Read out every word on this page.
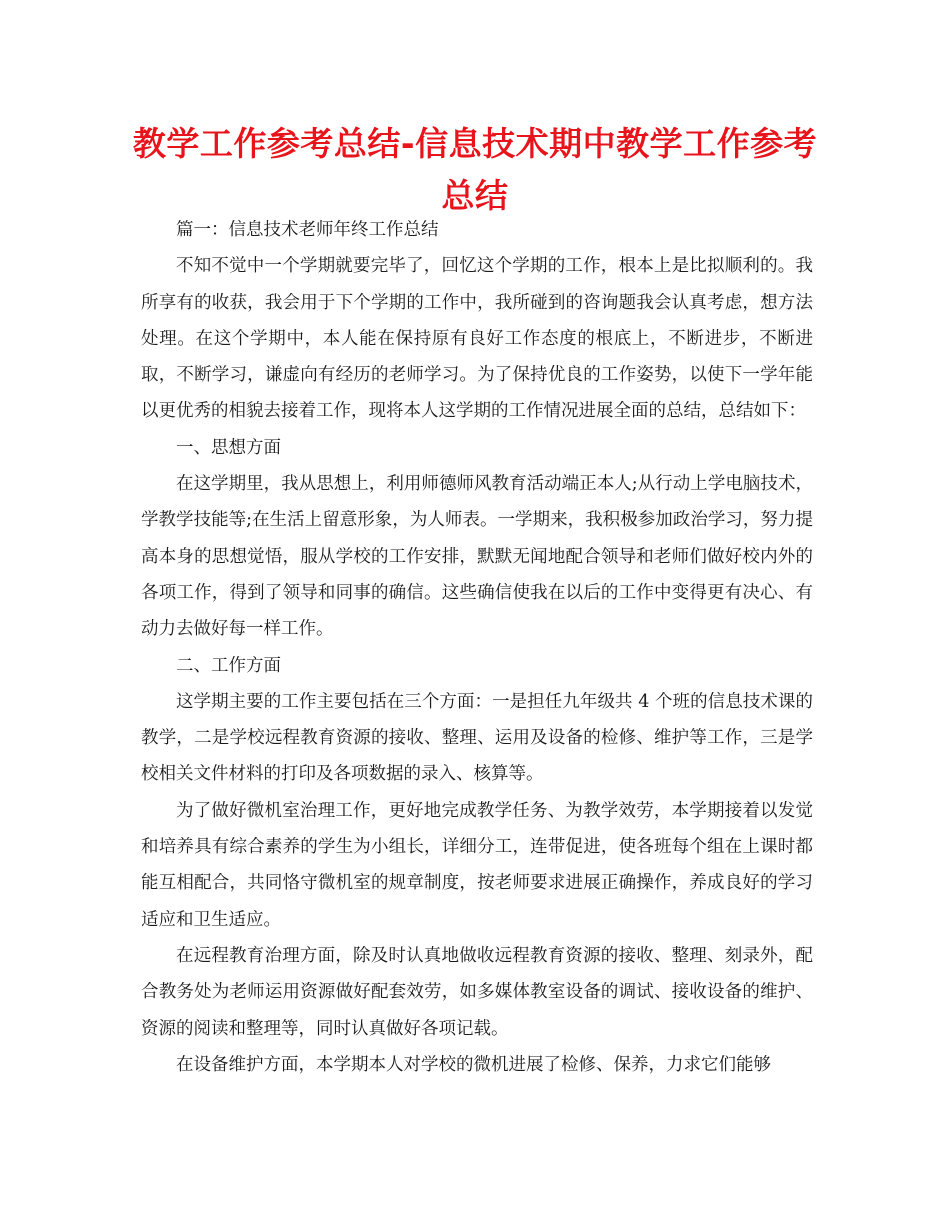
教学工作参考总结-信息技术期中教学工作参考总结

篇一：信息技术老师年终工作总结

不知不觉中一个学期就要完毕了，回忆这个学期的工作，根本上是比拟顺利的。我所享有的收获，我会用于下个学期的工作中，我所碰到的咨询题我会认真考虑，想方法处理。在这个学期中，本人能在保持原有良好工作态度的根底上，不断进步，不断进取，不断学习，谦虚向有经历的老师学习。为了保持优良的工作姿势，以使下一学年能以更优秀的相貌去接着工作，现将本人这学期的工作情况进展全面的总结，总结如下：

一、思想方面

在这学期里，我从思想上，利用师德师风教育活动端正本人;从行动上学电脑技术，学教学技能等;在生活上留意形象，为人师表。一学期来，我积极参加政治学习，努力提高本身的思想觉悟，服从学校的工作安排，默默无闻地配合领导和老师们做好校内外的各项工作，得到了领导和同事的确信。这些确信使我在以后的工作中变得更有决心、有动力去做好每一样工作。

二、工作方面

这学期主要的工作主要包括在三个方面：一是担任九年级共 4 个班的信息技术课的教学，二是学校远程教育资源的接收、整理、运用及设备的检修、维护等工作，三是学校相关文件材料的打印及各项数据的录入、核算等。

为了做好微机室治理工作，更好地完成教学任务、为教学效劳，本学期接着以发觉和培养具有综合素养的学生为小组长，详细分工，连带促进，使各班每个组在上课时都能互相配合，共同恪守微机室的规章制度，按老师要求进展正确操作，养成良好的学习适应和卫生适应。

在远程教育治理方面，除及时认真地做收远程教育资源的接收、整理、刻录外，配合教务处为老师运用资源做好配套效劳，如多媒体教室设备的调试、接收设备的维护、资源的阅读和整理等，同时认真做好各项记载。

在设备维护方面，本学期本人对学校的微机进展了检修、保养，力求它们能够
